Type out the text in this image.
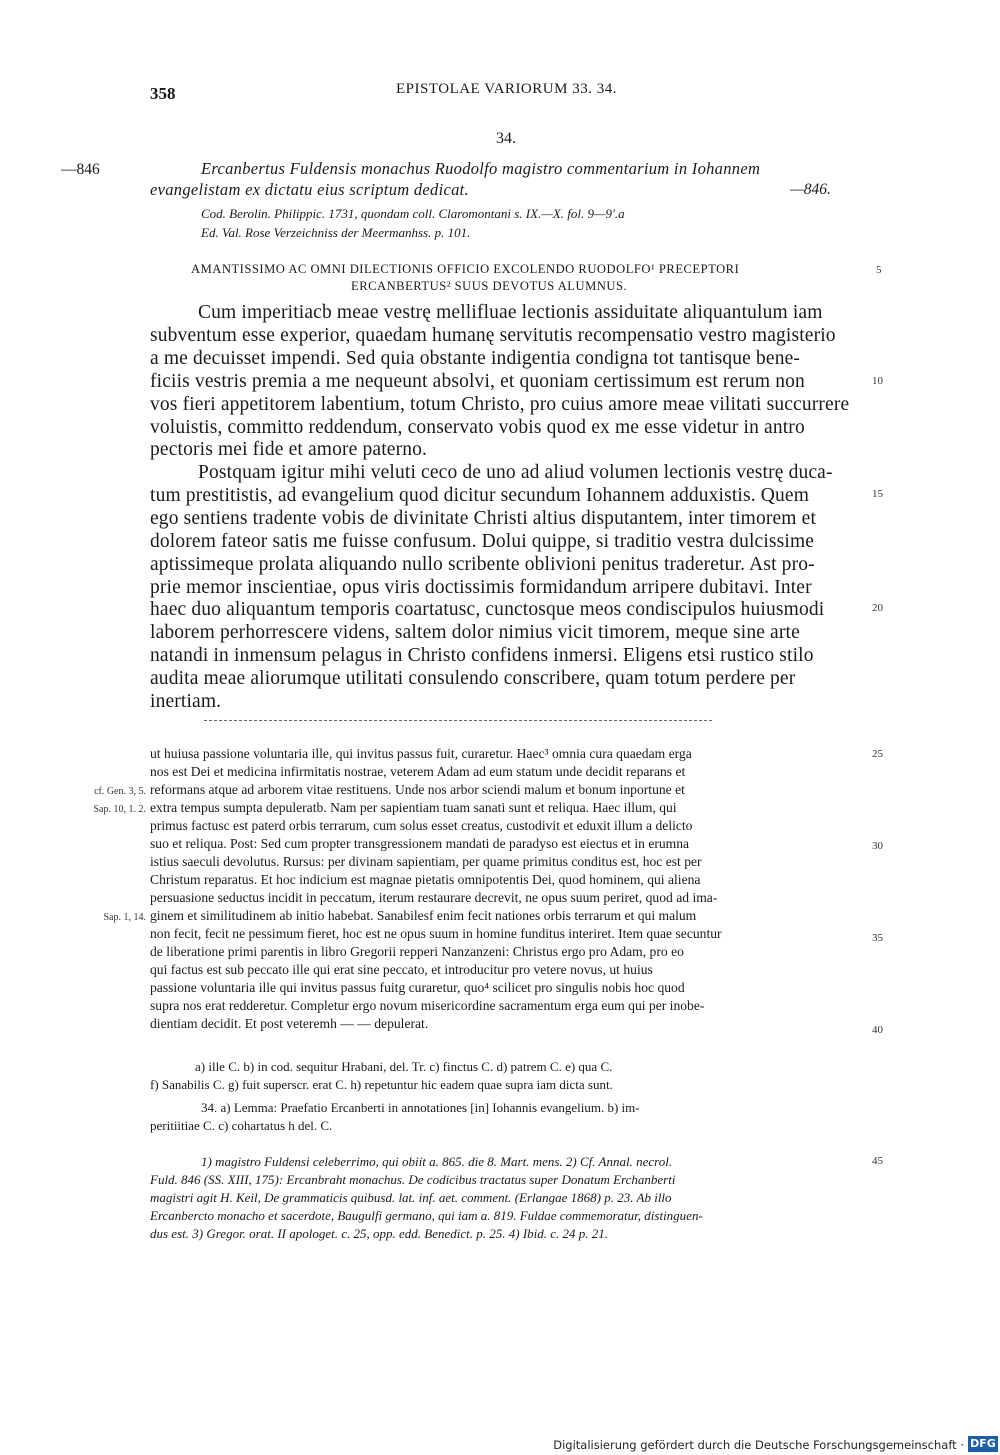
358	EPISTOLAE VARIORUM 33. 34.
34.
—846	Ercanbertus Fuldensis monachus Ruodolfo magistro commentarium in Iohannem
evangelistam ex dictatu eius scriptum dedicat.	—846.
Cod. Berolin. Philippic. 1731, quondam coll. Claromontani s. IX.—X. fol. 9—9'.a
Ed. Val. Rose Verzeichniss der Meermanhss. p. 101.
AMANTISSIMO AC OMNI DILECTIONIS OFFICIO EXCOLENDO RUODOLFO¹ PRECEPTORI
ERCANBERTUS² SUUS DEVOTUS ALUMNUS.
Cum imperitiacb meae vestrę mellifluae lectionis assiduitate aliquantulum iam
subventum esse experior, quaedam humanę servitutis recompensatio vestro magisterio
a me decuisset impendi. Sed quia obstante indigentia condigna tot tantisque bene-
ficiis vestris premia a me nequeunt absolvi, et quoniam certissimum est rerum non
vos fieri appetitorem labentium, totum Christo, pro cuius amore meae vilitati succurrere
voluistis, committo reddendum, conservato vobis quod ex me esse videtur in antro
pectoris mei fide et amore paterno.
Postquam igitur mihi veluti ceco de uno ad aliud volumen lectionis vestrę duca-
tum prestitistis, ad evangelium quod dicitur secundum Iohannem adduxistis. Quem
ego sentiens tradente vobis de divinitate Christi altius disputantem, inter timorem et
dolorem fateor satis me fuisse confusum. Dolui quippe, si traditio vestra dulcissime
aptissimeque prolata aliquando nullo scribente oblivioni penitus traderetur. Ast pro-
prie memor inscientiae, opus viris doctissimis formidandum arripere dubitavi. Inter
haec duo aliquantum temporis coartatusc, cunctosque meos condiscipulos huiusmodi
laborem perhorrescere videns, saltem dolor nimius vicit timorem, meque sine arte
natandi in inmensum pelagus in Christo confidens inmersi. Eligens etsi rustico stilo
audita meae aliorumque utilitati consulendo conscribere, quam totum perdere per
inertiam.
ut huiusa passione voluntaria ille, qui invitus passus fuit, curaretur. Haec³ omnia cura quaedam erga
nos est Dei et medicina infirmitatis nostrae, veterem Adam ad eum statum unde decidit reparans et
reformans atque ad arborem vitae restituens. Unde nos arbor sciendi malum et bonum inportune et
extra tempus sumpta depuleratb. Nam per sapientiam tuam sanati sunt et reliqua. Haec illum, qui
primus factusc est paterd orbis terrarum, cum solus esset creatus, custodivit et eduxit illum a delicto
suo et reliqua. Post: Sed cum propter transgressionem mandati de paradyso est eiectus et in erumna
istius saeculi devolutus. Rursus: per divinam sapientiam, per quame primitus conditus est, hoc est per
Christum reparatus. Et hoc indicium est magnae pietatis omnipotentis Dei, quod hominem, qui aliena
persuasione seductus incidit in peccatum, iterum restaurare decrevit, ne opus suum periret, quod ad ima-
ginem et similitudinem ab initio habebat. Sanabilesf enim fecit nationes orbis terrarum et qui malum
non fecit, fecit ne pessimum fieret, hoc est ne opus suum in homine funditus interiret. Item quae secuntur
de liberatione primi parentis in libro Gregorii repperi Nanzanzeni: Christus ergo pro Adam, pro eo
qui factus est sub peccato ille qui erat sine peccato, et introducitur pro vetere novus, ut huius
passione voluntaria ille qui invitus passus fuitg curaretur, quo⁴ scilicet pro singulis nobis hoc quod
supra nos erat redderetur. Completur ergo novum misericordine sacramentum erga eum qui per inobe-
dientiam decidit. Et post veteremh — — depulerat.
cf. Gen. 3, 5.
Sap. 10, 1. 2.
Sap. 1, 14.
5
10
15
20
25
30
35
40
45
a) ille C. b) in cod. sequitur Hrabani, del. Tr. c) finctus C. d) patrem C. e) qua C.
f) Sanabilis C. g) fuit superscr. erat C. h) repetuntur hic eadem quae supra iam dicta sunt.
34. a) Lemma: Praefatio Ercanberti in annotationes [in] Iohannis evangelium. b) im-
peritiitiae C. c) cohartatus h del. C.
1) magistro Fuldensi celeberrimo, qui obiit a. 865. die 8. Mart. mens. 2) Cf. Annal. necrol.
Fuld. 846 (SS. XIII, 175): Ercanbraht monachus. De codicibus tractatus super Donatum Erchanberti
magistri agit H. Keil, De grammaticis quibusd. lat. inf. aet. comment. (Erlangae 1868) p. 23. Ab illo
Ercanbercto monacho et sacerdote, Baugulfi germano, qui iam a. 819. Fuldae commemoratur, distinguen-
dus est. 3) Gregor. orat. II apologet. c. 25, opp. edd. Benedict. p. 25. 4) Ibid. c. 24 p. 21.
Digitalisierung gefördert durch die Deutsche Forschungsgemeinschaft · DFG
